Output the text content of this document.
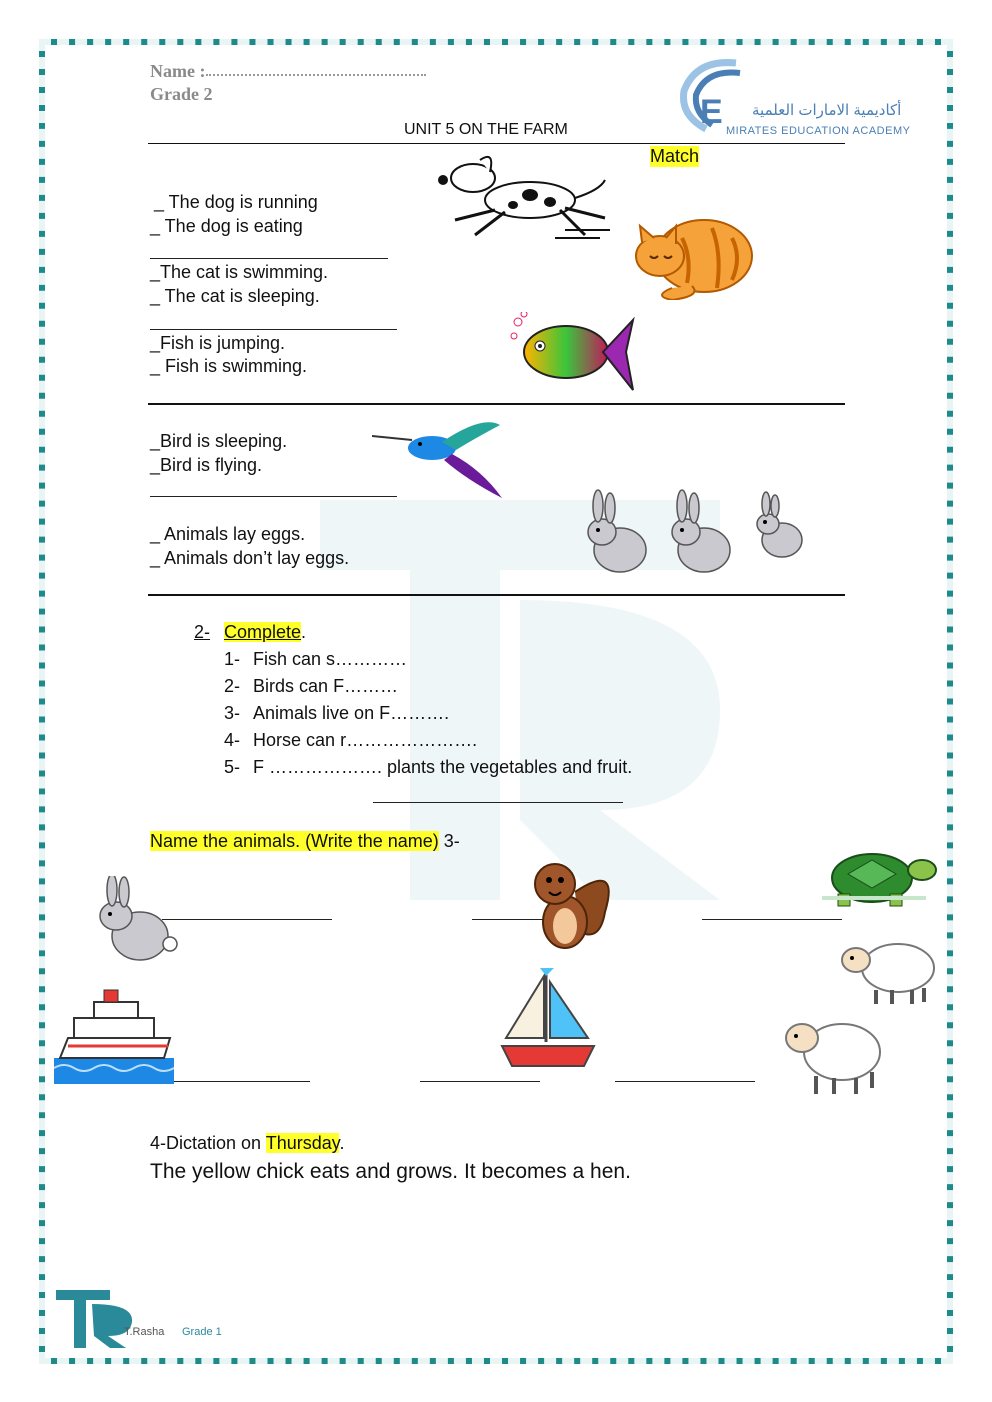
Name :
Grade 2	E أكاديمية الامارات العلمية
MIRATES EDUCATION ACADEMY
UNIT 5 ON THE FARM
Match
_ The dog is running
_ The dog is eating
_The cat is swimming.
_ The cat is sleeping.
_Fish is jumping.
_ Fish is swimming.
_Bird is sleeping.
_Bird is flying.
_ Animals lay eggs.
_ Animals don’t lay eggs.
2- Complete.
1- Fish can s…………
2- Birds can F………
3- Animals live on F……….
4- Horse can r………………….
5- F ………………. plants the vegetables and fruit.
Name the animals. (Write the name) 3-
4-Dictation on Thursday.
The yellow chick eats and grows. It becomes a hen.
T.Rasha Grade 1
